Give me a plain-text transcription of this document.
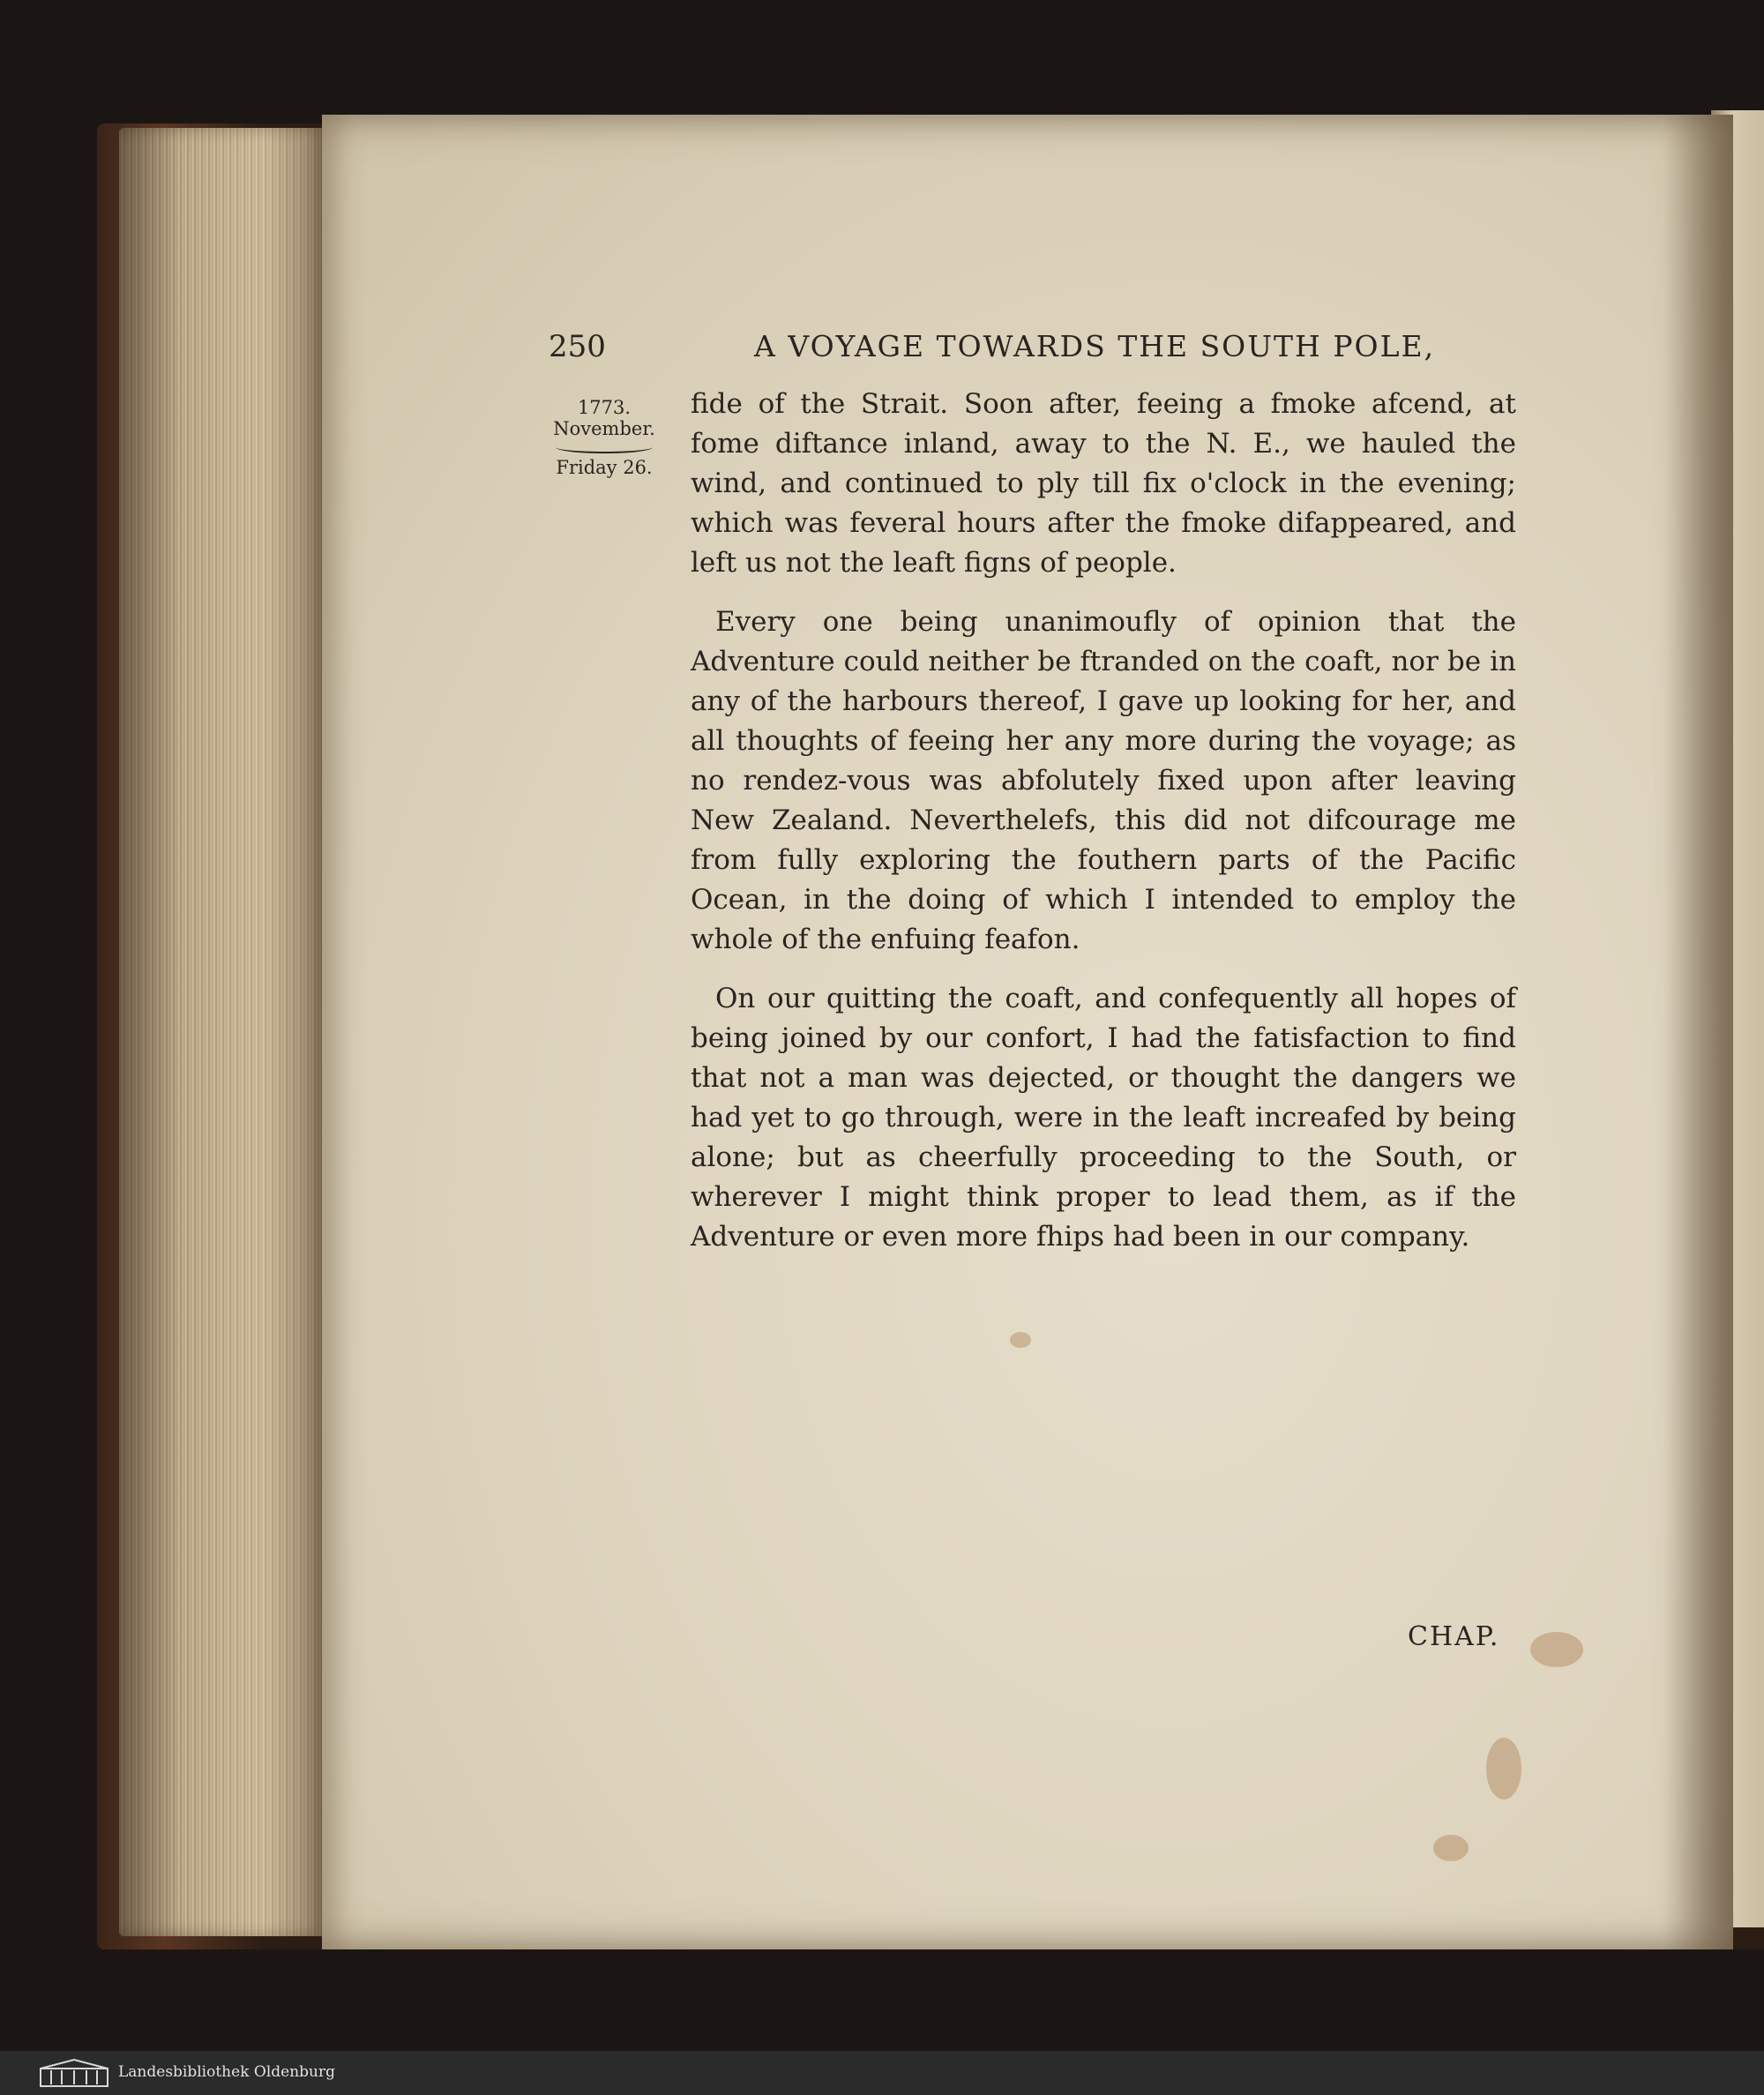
250	A VOYAGE TOWARDS THE SOUTH POLE,
1773.
November.
Friday 26.

fide of the Strait. Soon after, feeing a fmoke afcend, at fome diftance inland, away to the N. E., we hauled the wind, and continued to ply till fix o'clock in the evening; which was feveral hours after the fmoke difappeared, and left us not the leaft figns of people.

Every one being unanimoufly of opinion that the Adventure could neither be ftranded on the coaft, nor be in any of the harbours thereof, I gave up looking for her, and all thoughts of feeing her any more during the voyage; as no rendez-vous was abfolutely fixed upon after leaving New Zealand. Neverthelefs, this did not difcourage me from fully exploring the fouthern parts of the Pacific Ocean, in the doing of which I intended to employ the whole of the enfuing feafon.

On our quitting the coaft, and confequently all hopes of being joined by our confort, I had the fatisfaction to find that not a man was dejected, or thought the dangers we had yet to go through, were in the leaft increafed by being alone; but as cheerfully proceeding to the South, or wherever I might think proper to lead them, as if the Adventure or even more fhips had been in our company.

CHAP.
Landesbibliothek Oldenburg
